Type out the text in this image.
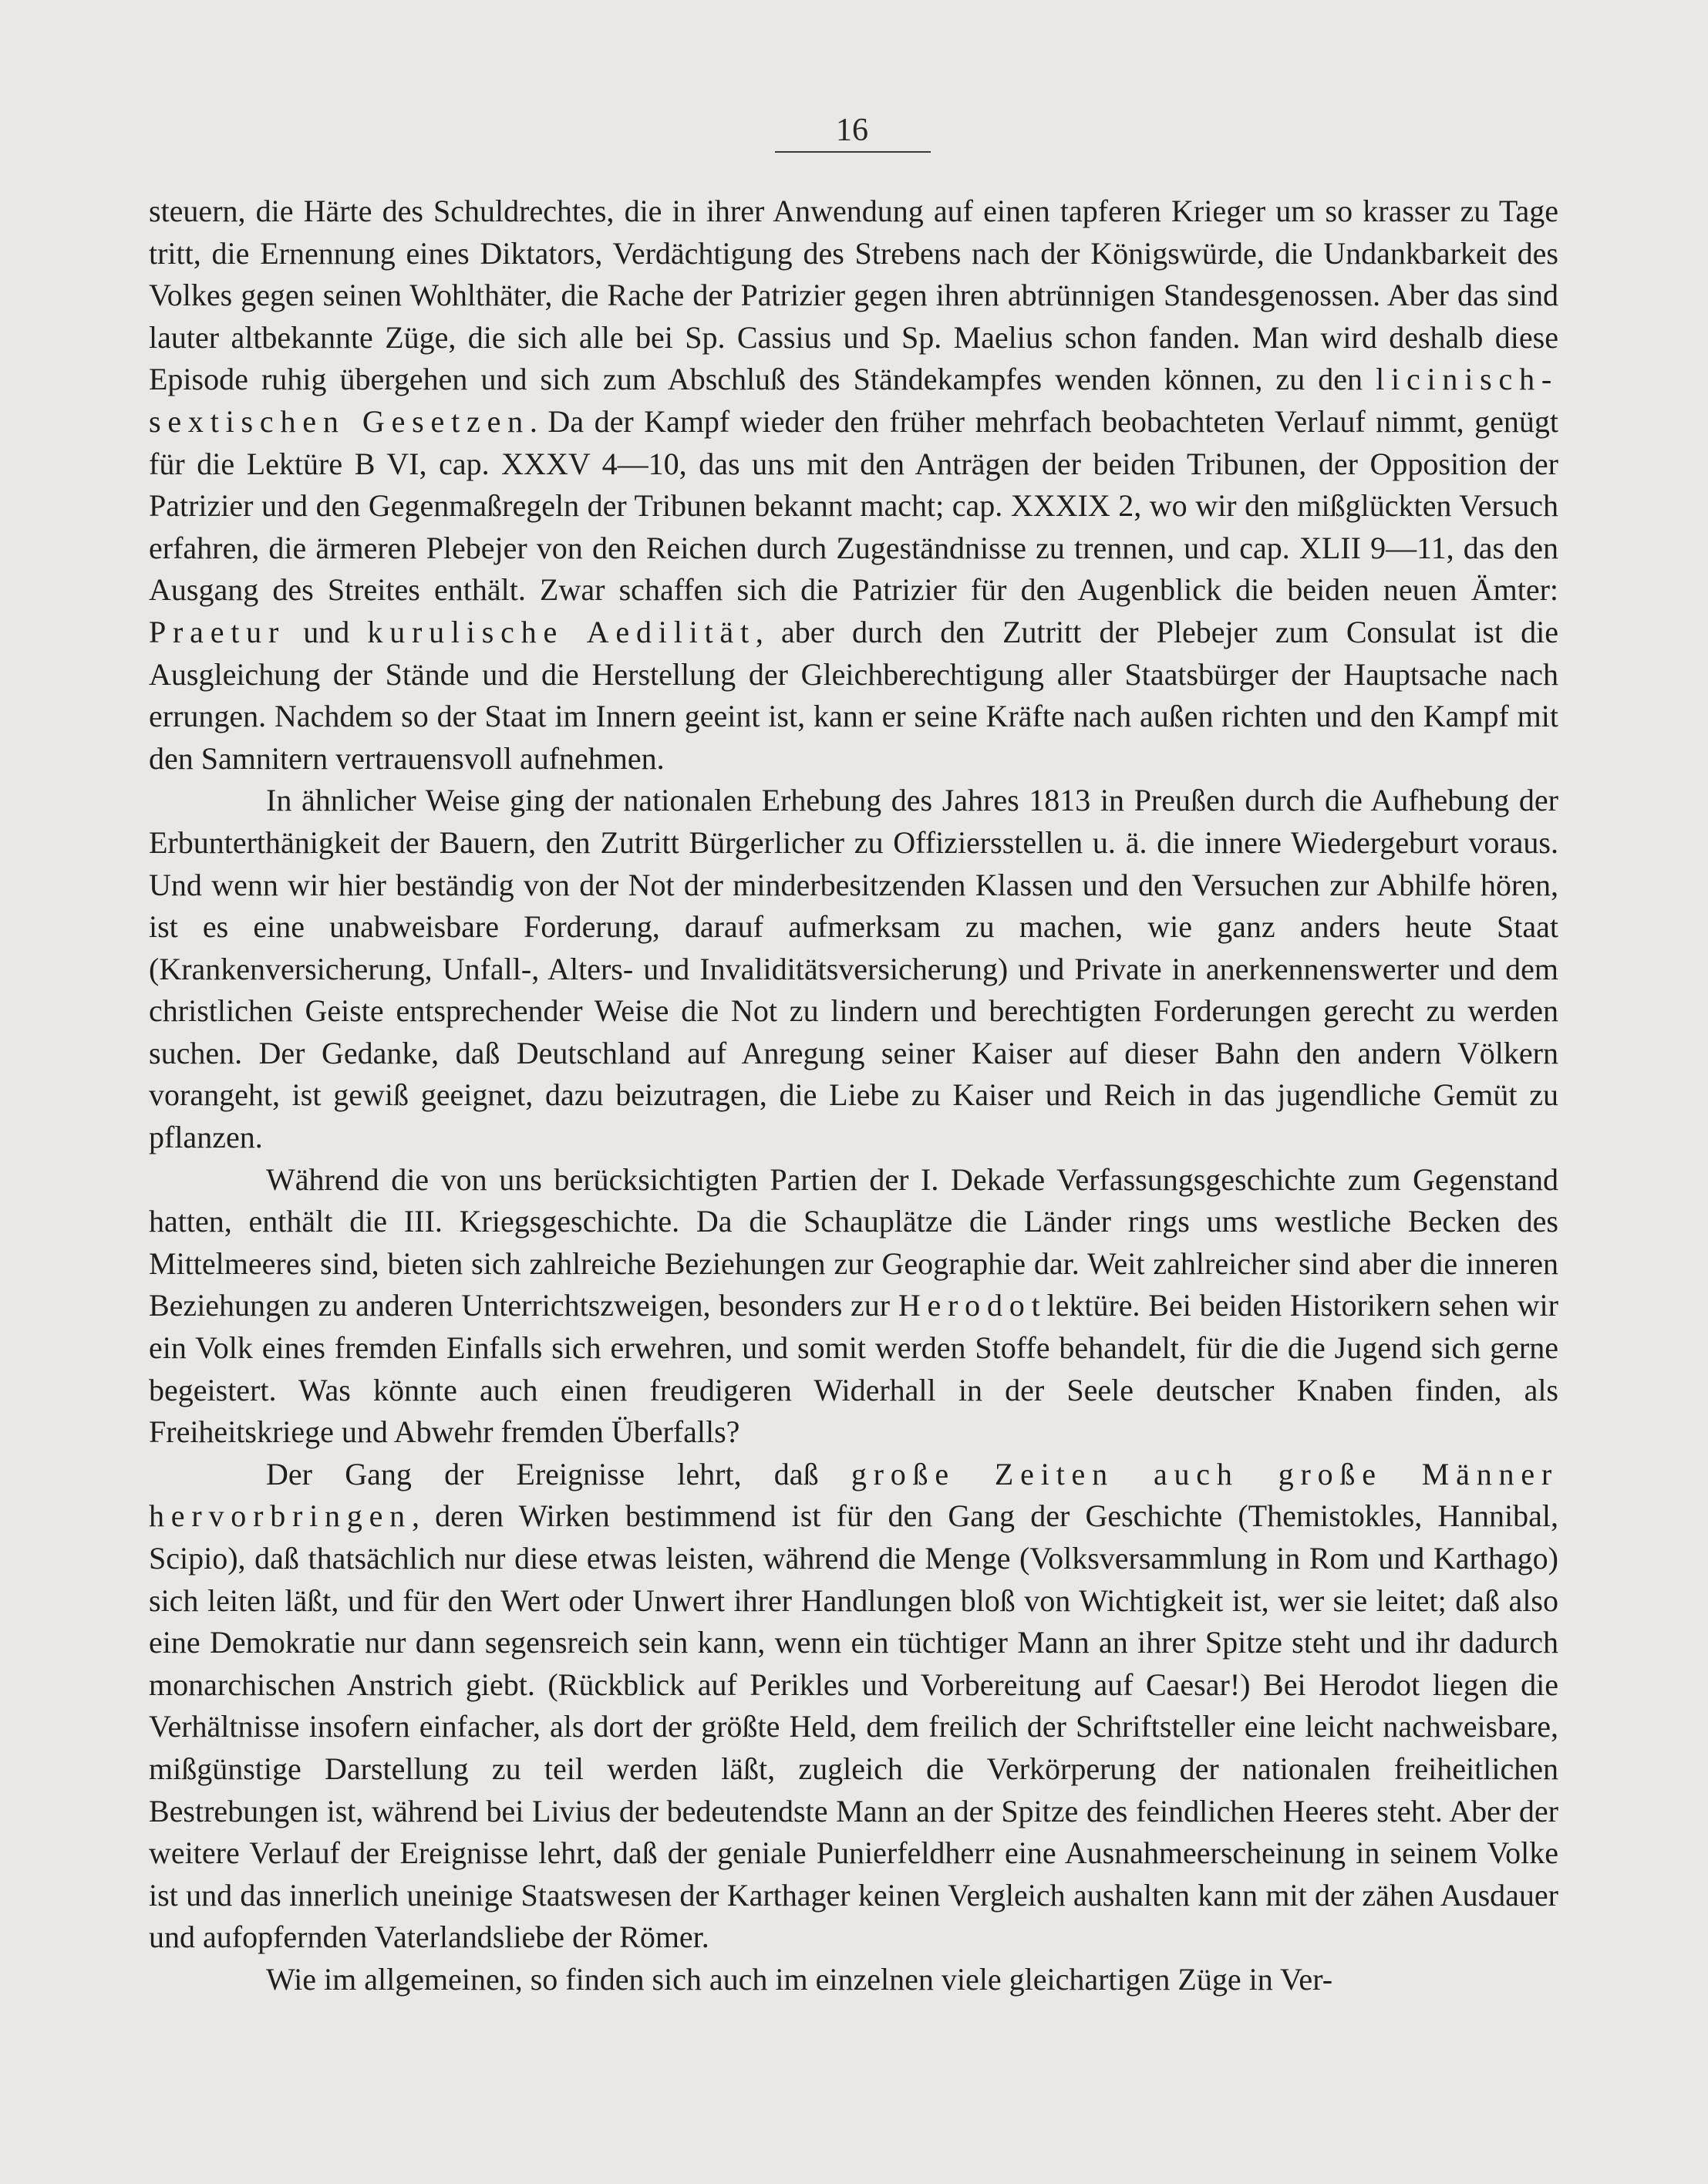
16

steuern, die Härte des Schuldrechtes, die in ihrer Anwendung auf einen tapferen Krieger um so krasser zu Tage tritt, die Ernennung eines Diktators, Verdächtigung des Strebens nach der Königswürde, die Undankbarkeit des Volkes gegen seinen Wohlthäter, die Rache der Patrizier gegen ihren abtrünnigen Standesgenossen. Aber das sind lauter altbekannte Züge, die sich alle bei Sp. Cassius und Sp. Maelius schon fanden. Man wird deshalb diese Episode ruhig übergehen und sich zum Abschluß des Ständekampfes wenden können, zu den licinisch-sextischen Gesetzen. Da der Kampf wieder den früher mehrfach beobachteten Verlauf nimmt, genügt für die Lektüre B VI, cap. XXXV 4—10, das uns mit den Anträgen der beiden Tribunen, der Opposition der Patrizier und den Gegenmaßregeln der Tribunen bekannt macht; cap. XXXIX 2, wo wir den mißglückten Versuch erfahren, die ärmeren Plebejer von den Reichen durch Zugeständnisse zu trennen, und cap. XLII 9—11, das den Ausgang des Streites enthält. Zwar schaffen sich die Patrizier für den Augenblick die beiden neuen Ämter: Praetur und kurulische Aedilität, aber durch den Zutritt der Plebejer zum Consulat ist die Ausgleichung der Stände und die Herstellung der Gleichberechtigung aller Staatsbürger der Hauptsache nach errungen. Nachdem so der Staat im Innern geeint ist, kann er seine Kräfte nach außen richten und den Kampf mit den Samnitern vertrauensvoll aufnehmen.

In ähnlicher Weise ging der nationalen Erhebung des Jahres 1813 in Preußen durch die Aufhebung der Erbunterthänigkeit der Bauern, den Zutritt Bürgerlicher zu Offiziersstellen u. ä. die innere Wiedergeburt voraus. Und wenn wir hier beständig von der Not der minderbesitzenden Klassen und den Versuchen zur Abhilfe hören, ist es eine unabweisbare Forderung, darauf aufmerksam zu machen, wie ganz anders heute Staat (Krankenversicherung, Unfall-, Alters- und Invaliditätsversicherung) und Private in anerkennenswerter und dem christlichen Geiste entsprechender Weise die Not zu lindern und berechtigten Forderungen gerecht zu werden suchen. Der Gedanke, daß Deutschland auf Anregung seiner Kaiser auf dieser Bahn den andern Völkern vorangeht, ist gewiß geeignet, dazu beizutragen, die Liebe zu Kaiser und Reich in das jugendliche Gemüt zu pflanzen.

Während die von uns berücksichtigten Partien der I. Dekade Verfassungsgeschichte zum Gegenstand hatten, enthält die III. Kriegsgeschichte. Da die Schauplätze die Länder rings ums westliche Becken des Mittelmeeres sind, bieten sich zahlreiche Beziehungen zur Geographie dar. Weit zahlreicher sind aber die inneren Beziehungen zu anderen Unterrichtszweigen, besonders zur Herodotlektüre. Bei beiden Historikern sehen wir ein Volk eines fremden Einfalls sich erwehren, und somit werden Stoffe behandelt, für die die Jugend sich gerne begeistert. Was könnte auch einen freudigeren Widerhall in der Seele deutscher Knaben finden, als Freiheitskriege und Abwehr fremden Überfalls?

Der Gang der Ereignisse lehrt, daß große Zeiten auch große Männer hervorbringen, deren Wirken bestimmend ist für den Gang der Geschichte (Themistokles, Hannibal, Scipio), daß thatsächlich nur diese etwas leisten, während die Menge (Volksversammlung in Rom und Karthago) sich leiten läßt, und für den Wert oder Unwert ihrer Handlungen bloß von Wichtigkeit ist, wer sie leitet; daß also eine Demokratie nur dann segensreich sein kann, wenn ein tüchtiger Mann an ihrer Spitze steht und ihr dadurch monarchischen Anstrich giebt. (Rückblick auf Perikles und Vorbereitung auf Caesar!) Bei Herodot liegen die Verhältnisse insofern einfacher, als dort der größte Held, dem freilich der Schriftsteller eine leicht nachweisbare, mißgünstige Darstellung zu teil werden läßt, zugleich die Verkörperung der nationalen freiheitlichen Bestrebungen ist, während bei Livius der bedeutendste Mann an der Spitze des feindlichen Heeres steht. Aber der weitere Verlauf der Ereignisse lehrt, daß der geniale Punierfeldherr eine Ausnahmeerscheinung in seinem Volke ist und das innerlich uneinige Staatswesen der Karthager keinen Vergleich aushalten kann mit der zähen Ausdauer und aufopfernden Vaterlandsliebe der Römer.

Wie im allgemeinen, so finden sich auch im einzelnen viele gleichartigen Züge in Ver-
